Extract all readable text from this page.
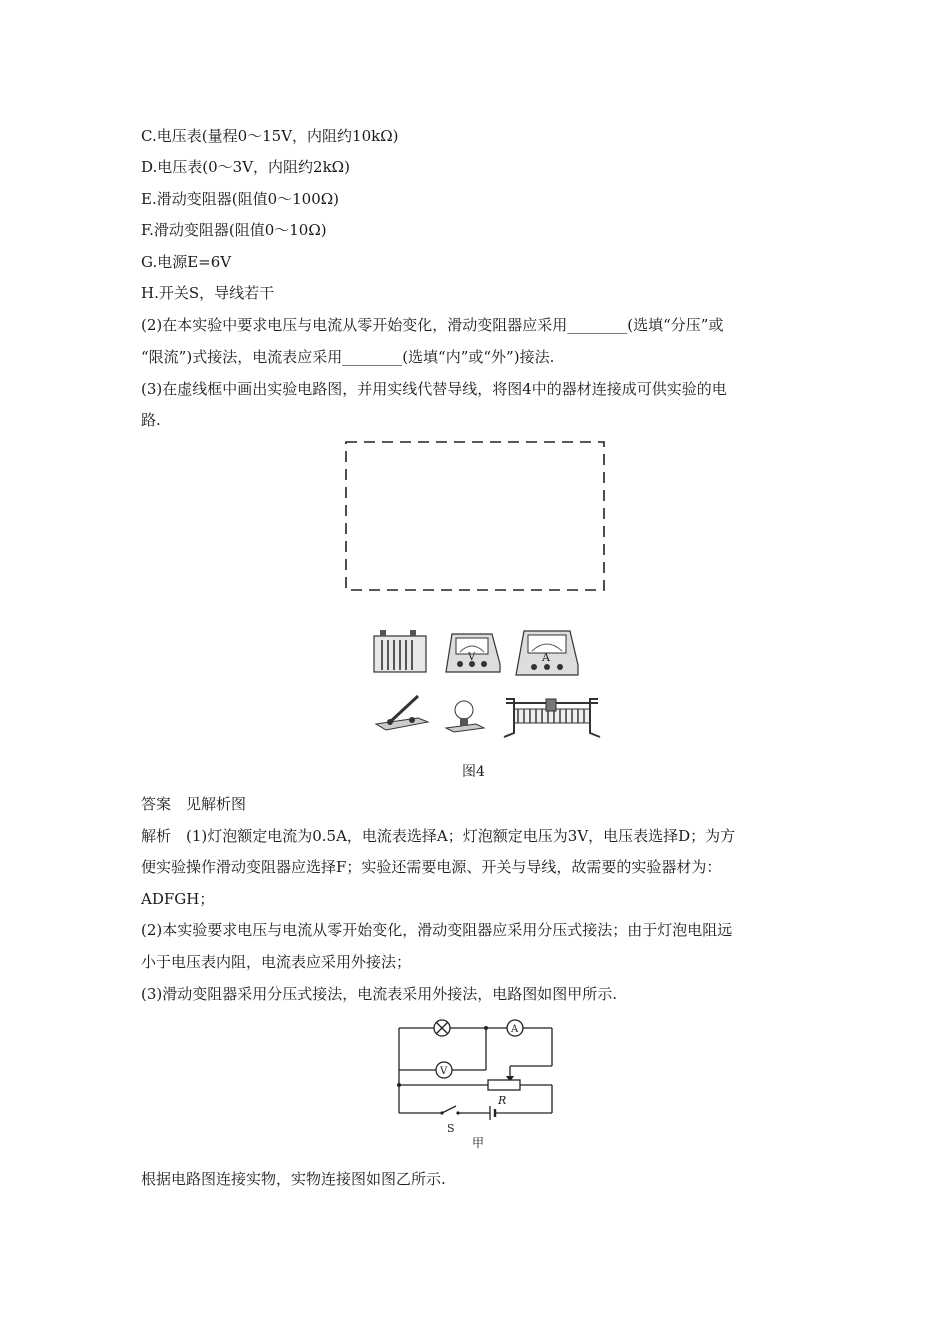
C.电压表(量程0～15V，内阻约10kΩ)
D.电压表(0～3V，内阻约2kΩ)
E.滑动变阻器(阻值0～100Ω)
F.滑动变阻器(阻值0～10Ω)
G.电源E=6V
H.开关S，导线若干
(2)在本实验中要求电压与电流从零开始变化，滑动变阻器应采用________(选填“分压”或
“限流”)式接法，电流表应采用________(选填“内”或“外”)接法.
(3)在虚线框中画出实验电路图，并用实线代替导线，将图4中的器材连接成可供实验的电
路.
V	A
图4
答案　见解析图
解析　(1)灯泡额定电流为0.5A，电流表选择A；灯泡额定电压为3V，电压表选择D；为方
便实验操作滑动变阻器应选择F；实验还需要电源、开关与导线，故需要的实验器材为：
ADFGH；
(2)本实验要求电压与电流从零开始变化，滑动变阻器应采用分压式接法；由于灯泡电阻远
小于电压表内阻，电流表应采用外接法；
(3)滑动变阻器采用分压式接法，电流表采用外接法，电路图如图甲所示.
A
V
R
S
甲
根据电路图连接实物，实物连接图如图乙所示.
